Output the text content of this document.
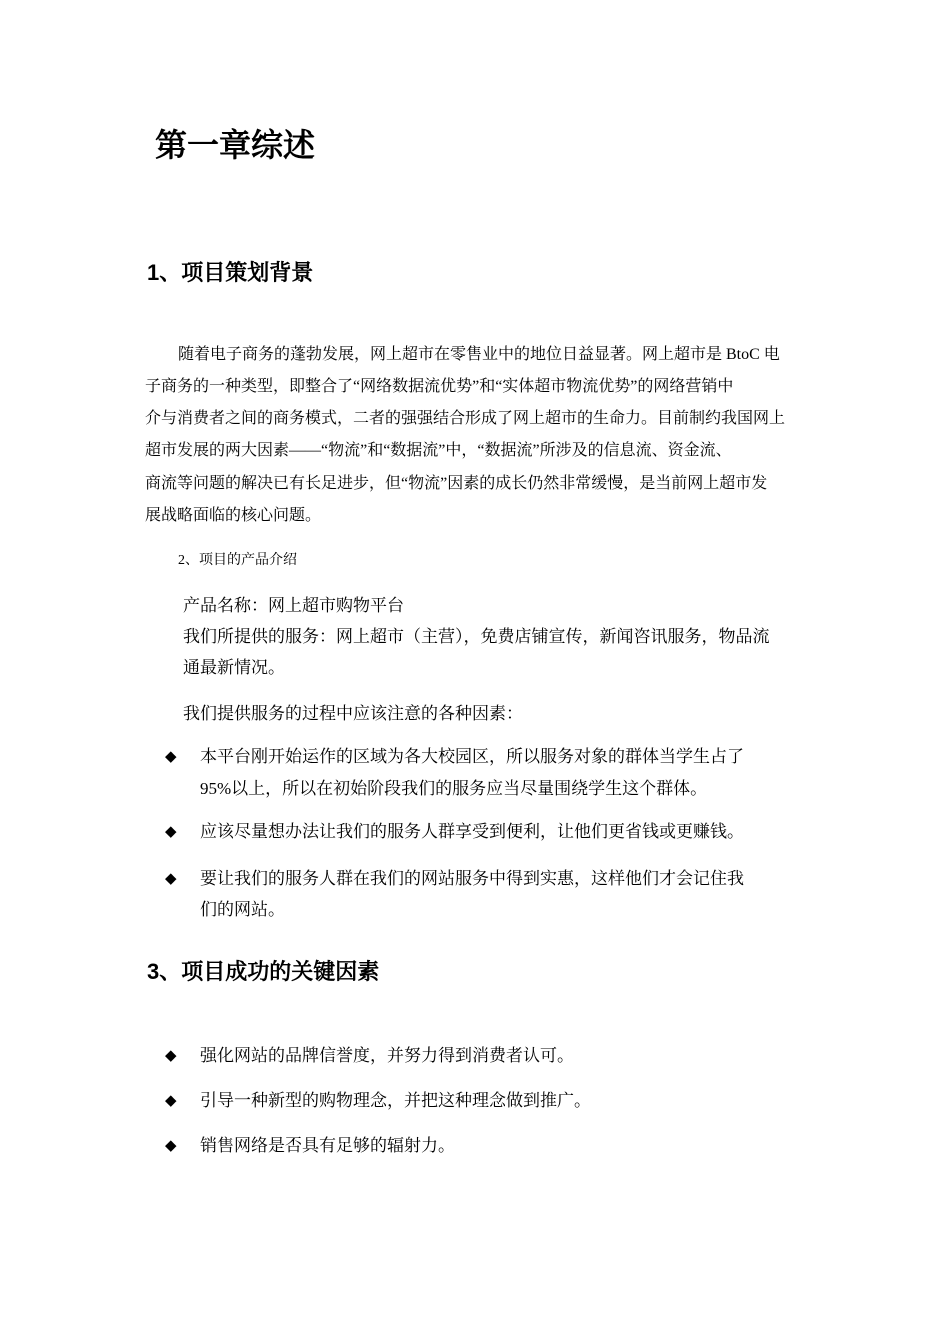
第一章综述
1、项目策划背景
随着电子商务的蓬勃发展，网上超市在零售业中的地位日益显著。网上超市是 BtoC 电
子商务的一种类型，即整合了“网络数据流优势”和“实体超市物流优势”的网络营销中
介与消费者之间的商务模式，二者的强强结合形成了网上超市的生命力。目前制约我国网上
超市发展的两大因素——“物流”和“数据流”中，“数据流”所涉及的信息流、资金流、
商流等问题的解决已有长足进步，但“物流”因素的成长仍然非常缓慢，是当前网上超市发
展战略面临的核心问题。
2、项目的产品介绍
产品名称：网上超市购物平台
我们所提供的服务：网上超市（主营），免费店铺宣传，新闻咨讯服务，物品流
通最新情况。
我们提供服务的过程中应该注意的各种因素：
◆ 本平台刚开始运作的区域为各大校园区，所以服务对象的群体当学生占了
95%以上，所以在初始阶段我们的服务应当尽量围绕学生这个群体。
◆ 应该尽量想办法让我们的服务人群享受到便利，让他们更省钱或更赚钱。
◆ 要让我们的服务人群在我们的网站服务中得到实惠，这样他们才会记住我
们的网站。
3、项目成功的关键因素
◆ 强化网站的品牌信誉度，并努力得到消费者认可。
◆ 引导一种新型的购物理念，并把这种理念做到推广。
◆ 销售网络是否具有足够的辐射力。
